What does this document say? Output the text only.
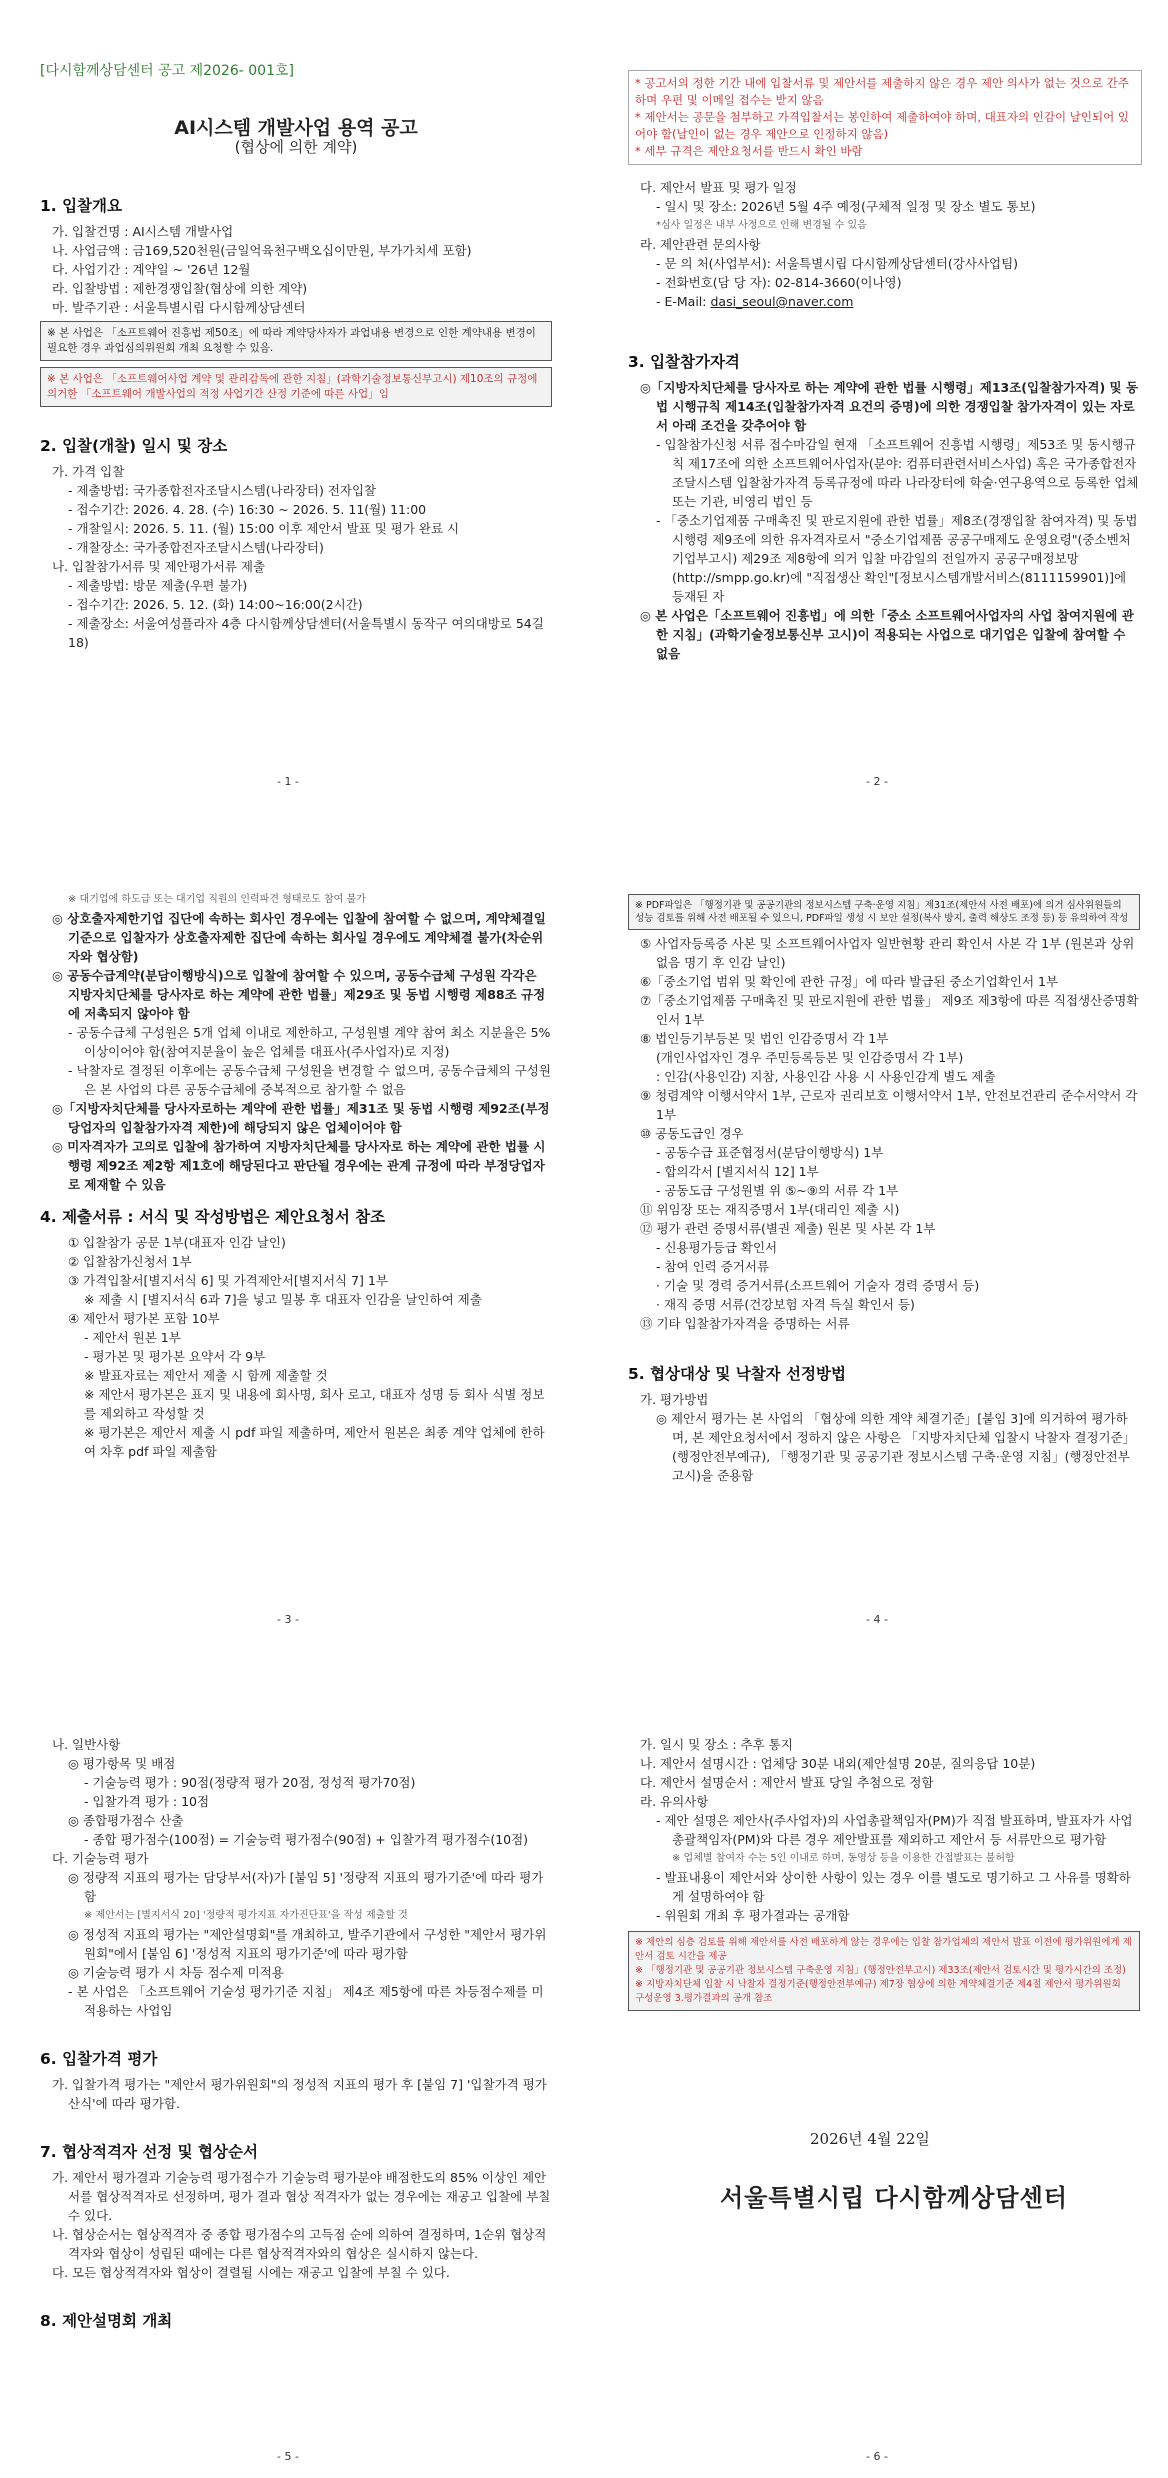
[다시함께상담센터 공고 제2026- 001호]
AI시스템 개발사업 용역 공고
(협상에 의한 계약)
1. 입찰개요
가. 입찰건명 : AI시스템 개발사업
나. 사업금액 : 금169,520천원(금일억육천구백오십이만원, 부가가치세 포함)
다. 사업기간 : 계약일 ~ '26년 12월
라. 입찰방법 : 제한경쟁입찰(협상에 의한 계약)
마. 발주기관 : 서울특별시립 다시함께상담센터
※ 본 사업은 「소프트웨어 진흥법 제50조」에 따라 계약당사자가 과업내용 변경으로 인한 계약내용 변경이 필요한 경우 과업심의위원회 개최 요청할 수 있음.
※ 본 사업은 「소프트웨어사업 계약 및 관리감독에 관한 지침」(과학기술정보통신부고시) 제10조의 규정에 의거한 「소프트웨어 개발사업의 적정 사업기간 산정 기준에 따른 사업」임
2. 입찰(개찰) 일시 및 장소
가. 가격 입찰
- 제출방법: 국가종합전자조달시스템(나라장터) 전자입찰
- 접수기간: 2026. 4. 28. (수) 16:30 ~ 2026. 5. 11(월) 11:00
- 개찰일시: 2026. 5. 11. (월) 15:00 이후 제안서 발표 및 평가 완료 시
- 개찰장소: 국가종합전자조달시스템(나라장터)
나. 입찰참가서류 및 제안평가서류 제출
- 제출방법: 방문 제출(우편 불가)
- 접수기간: 2026. 5. 12. (화) 14:00~16:00(2시간)
- 제출장소: 서울여성플라자 4층 다시함께상담센터(서울특별시 동작구 여의대방로 54길 18)
- 1 -
* 공고서의 정한 기간 내에 입찰서류 및 제안서를 제출하지 않은 경우 제안 의사가 없는 것으로 간주하며 우편 및 이메일 접수는 받지 않음
* 제안서는 공문을 첨부하고 가격입찰서는 봉인하여 제출하여야 하며, 대표자의 인감이 날인되어 있어야 함(날인이 없는 경우 제안으로 인정하지 않음)
* 세부 규격은 제안요청서를 반드시 확인 바람
다. 제안서 발표 및 평가 일정
- 일시 및 장소: 2026년 5월 4주 예정(구체적 일정 및 장소 별도 통보)
*심사 일정은 내부 사정으로 인해 변경될 수 있음
라. 제안관련 문의사항
- 문 의 처(사업부서): 서울특별시립 다시함께상담센터(강사사업팀)
- 전화번호(담 당 자): 02-814-3660(이나영)
- E-Mail: dasi_seoul@naver.com
3. 입찰참가자격
◎「지방자치단체를 당사자로 하는 계약에 관한 법률 시행령」제13조(입찰참가자격) 및 동법 시행규칙 제14조(입찰참가자격 요건의 증명)에 의한 경쟁입찰 참가자격이 있는 자로서 아래 조건을 갖추어야 함
- 입찰참가신청 서류 접수마감일 현재 「소프트웨어 진흥법 시행령」제53조 및 동시행규칙 제17조에 의한 소프트웨어사업자(분야: 컴퓨터관련서비스사업) 혹은 국가종합전자조달시스템 입찰참가자격 등록규정에 따라 나라장터에 학술·연구용역으로 등록한 업체 또는 기관, 비영리 법인 등
- 「중소기업제품 구매촉진 및 판로지원에 관한 법률」제8조(경쟁입찰 참여자격) 및 동법 시행령 제9조에 의한 유자격자로서 "중소기업제품 공공구매제도 운영요령"(중소벤처기업부고시) 제29조 제8항에 의거 입찰 마감일의 전일까지 공공구매정보망(http://smpp.go.kr)에 "직접생산 확인"[정보시스템개발서비스(8111159901)]에 등재된 자
◎ 본 사업은「소프트웨어 진흥법」에 의한「중소 소프트웨어사업자의 사업 참여지원에 관한 지침」(과학기술정보통신부 고시)이 적용되는 사업으로 대기업은 입찰에 참여할 수 없음
- 2 -
※ 대기업에 하도급 또는 대기업 직원의 인력파견 형태로도 참여 불가
◎ 상호출자제한기업 집단에 속하는 회사인 경우에는 입찰에 참여할 수 없으며, 계약체결일 기준으로 입찰자가 상호출자제한 집단에 속하는 회사일 경우에도 계약체결 불가(차순위자와 협상함)
◎ 공동수급계약(분담이행방식)으로 입찰에 참여할 수 있으며, 공동수급체 구성원 각각은 지방자치단체를 당사자로 하는 계약에 관한 법률」제29조 및 동법 시행령 제88조 규정에 저촉되지 않아야 함
- 공동수급체 구성원은 5개 업체 이내로 제한하고, 구성원별 계약 참여 최소 지분율은 5% 이상이어야 함(참여지분율이 높은 업체를 대표사(주사업자)로 지정)
- 낙찰자로 결정된 이후에는 공동수급체 구성원을 변경할 수 없으며, 공동수급체의 구성원은 본 사업의 다른 공동수급체에 중복적으로 참가할 수 없음
◎「지방자치단체를 당사자로하는 계약에 관한 법률」제31조 및 동법 시행령 제92조(부정당업자의 입찰참가자격 제한)에 해당되지 않은 업체이어야 함
◎ 미자격자가 고의로 입찰에 참가하여 지방자치단체를 당사자로 하는 계약에 관한 법률 시행령 제92조 제2항 제1호에 해당된다고 판단될 경우에는 관계 규정에 따라 부정당업자로 제재할 수 있음
4. 제출서류 : 서식 및 작성방법은 제안요청서 참조
① 입찰참가 공문 1부(대표자 인감 날인)
② 입찰참가신청서 1부
③ 가격입찰서[별지서식 6] 및 가격제안서[별지서식 7] 1부
※ 제출 시 [별지서식 6과 7]을 넣고 밀봉 후 대표자 인감을 날인하여 제출
④ 제안서 평가본 포함 10부
- 제안서 원본 1부
- 평가본 및 평가본 요약서 각 9부
※ 발표자료는 제안서 제출 시 함께 제출할 것
※ 제안서 평가본은 표지 및 내용에 회사명, 회사 로고, 대표자 성명 등 회사 식별 정보를 제외하고 작성할 것
※ 평가본은 제안서 제출 시 pdf 파일 제출하며, 제안서 원본은 최종 계약 업체에 한하여 차후 pdf 파일 제출함
- 3 -
※ PDF파일은 「행정기관 및 공공기관의 정보시스템 구축·운영 지침」제31조(제안서 사전 배포)에 의거 심사위원들의 성능 검토를 위해 사전 배포될 수 있으니, PDF파일 생성 시 보안 설정(복사 방지, 출력 해상도 조정 등) 등 유의하여 작성
⑤ 사업자등록증 사본 및 소프트웨어사업자 일반현황 관리 확인서 사본 각 1부 (원본과 상위없음 명기 후 인감 날인)
⑥「중소기업 범위 및 확인에 관한 규정」에 따라 발급된 중소기업확인서 1부
⑦「중소기업제품 구매촉진 및 판로지원에 관한 법률」 제9조 제3항에 따른 직접생산증명확인서 1부
⑧ 법인등기부등본 및 법인 인감증명서 각 1부
(개인사업자인 경우 주민등록등본 및 인감증명서 각 1부)
: 인감(사용인감) 지참, 사용인감 사용 시 사용인감계 별도 제출
⑨ 청렴계약 이행서약서 1부, 근로자 권리보호 이행서약서 1부, 안전보건관리 준수서약서 각 1부
⑩ 공동도급인 경우
- 공동수급 표준협정서(분담이행방식) 1부
- 합의각서 [별지서식 12] 1부
- 공동도급 구성원별 위 ⑤~⑨의 서류 각 1부
⑪ 위임장 또는 재직증명서 1부(대리인 제출 시)
⑫ 평가 관련 증명서류(별권 제출) 원본 및 사본 각 1부
- 신용평가등급 확인서
- 참여 인력 증거서류
· 기술 및 경력 증거서류(소프트웨어 기술자 경력 증명서 등)
· 재직 증명 서류(건강보험 자격 득실 확인서 등)
⑬ 기타 입찰참가자격을 증명하는 서류
5. 협상대상 및 낙찰자 선정방법
가. 평가방법
◎ 제안서 평가는 본 사업의 「협상에 의한 계약 체결기준」[붙임 3]에 의거하여 평가하며, 본 제안요청서에서 정하지 않은 사항은 「지방자치단체 입찰시 낙찰자 결정기준」(행정안전부예규), 「행정기관 및 공공기관 정보시스템 구축·운영 지침」(행정안전부고시)을 준용함
- 4 -
나. 일반사항
◎ 평가항목 및 배점
- 기술능력 평가 : 90점(정량적 평가 20점, 정성적 평가70점)
- 입찰가격 평가 : 10점
◎ 종합평가점수 산출
- 종합 평가점수(100점) = 기술능력 평가점수(90점) + 입찰가격 평가점수(10점)
다. 기술능력 평가
◎ 정량적 지표의 평가는 담당부서(자)가 [붙임 5] '정량적 지표의 평가기준'에 따라 평가함
※ 제안서는 [별지서식 20] '정량적 평가지표 자가진단표'을 작성 제출할 것
◎ 정성적 지표의 평가는 "제안설명회"를 개최하고, 발주기관에서 구성한 "제안서 평가위원회"에서 [붙임 6] '정성적 지표의 평가기준'에 따라 평가함
◎ 기술능력 평가 시 차등 점수제 미적용
- 본 사업은 「소프트웨어 기술성 평가기준 지침」 제4조 제5항에 따른 차등점수제를 미적용하는 사업임
6. 입찰가격 평가
가. 입찰가격 평가는 "제안서 평가위원회"의 정성적 지표의 평가 후 [붙임 7] '입찰가격 평가산식'에 따라 평가함.
7. 협상적격자 선정 및 협상순서
가. 제안서 평가결과 기술능력 평가점수가 기술능력 평가분야 배점한도의 85% 이상인 제안서를 협상적격자로 선정하며, 평가 결과 협상 적격자가 없는 경우에는 재공고 입찰에 부칠 수 있다.
나. 협상순서는 협상적격자 중 종합 평가점수의 고득점 순에 의하여 결정하며, 1순위 협상적격자와 협상이 성립된 때에는 다른 협상적격자와의 협상은 실시하지 않는다.
다. 모든 협상적격자와 협상이 결렬될 시에는 재공고 입찰에 부칠 수 있다.
8. 제안설명회 개최
- 5 -
가. 일시 및 장소 : 추후 통지
나. 제안서 설명시간 : 업체당 30분 내외(제안설명 20분, 질의응답 10분)
다. 제안서 설명순서 : 제안서 발표 당일 추첨으로 정함
라. 유의사항
- 제안 설명은 제안사(주사업자)의 사업총괄책임자(PM)가 직접 발표하며, 발표자가 사업총괄책임자(PM)와 다른 경우 제안발표를 제외하고 제안서 등 서류만으로 평가함
※ 업체별 참여자 수는 5인 이내로 하며, 동영상 등을 이용한 간접발표는 불허함
- 발표내용이 제안서와 상이한 사항이 있는 경우 이를 별도로 명기하고 그 사유를 명확하게 설명하여야 함
- 위원회 개최 후 평가결과는 공개함
※ 제안의 심층 검토를 위해 제안서를 사전 배포하게 않는 경우에는 입찰 참가업체의 제안서 발표 이전에 평가위원에게 제안서 검토 시간을 제공
※ 「행정기관 및 공공기관 정보시스템 구축운영 지침」(행정안전부고시) 제33조(제안서 검토시간 및 평가시간의 조정)
※ 지방자치단체 입찰 시 낙찰자 결정기준(행정안전부예규) 제7장 협상에 의한 계약체결기준 제4절 제안서 평가위원회 구성운영 3.평가결과의 공개 참조
2026년 4월 22일
서울특별시립 다시함께상담센터
- 6 -
